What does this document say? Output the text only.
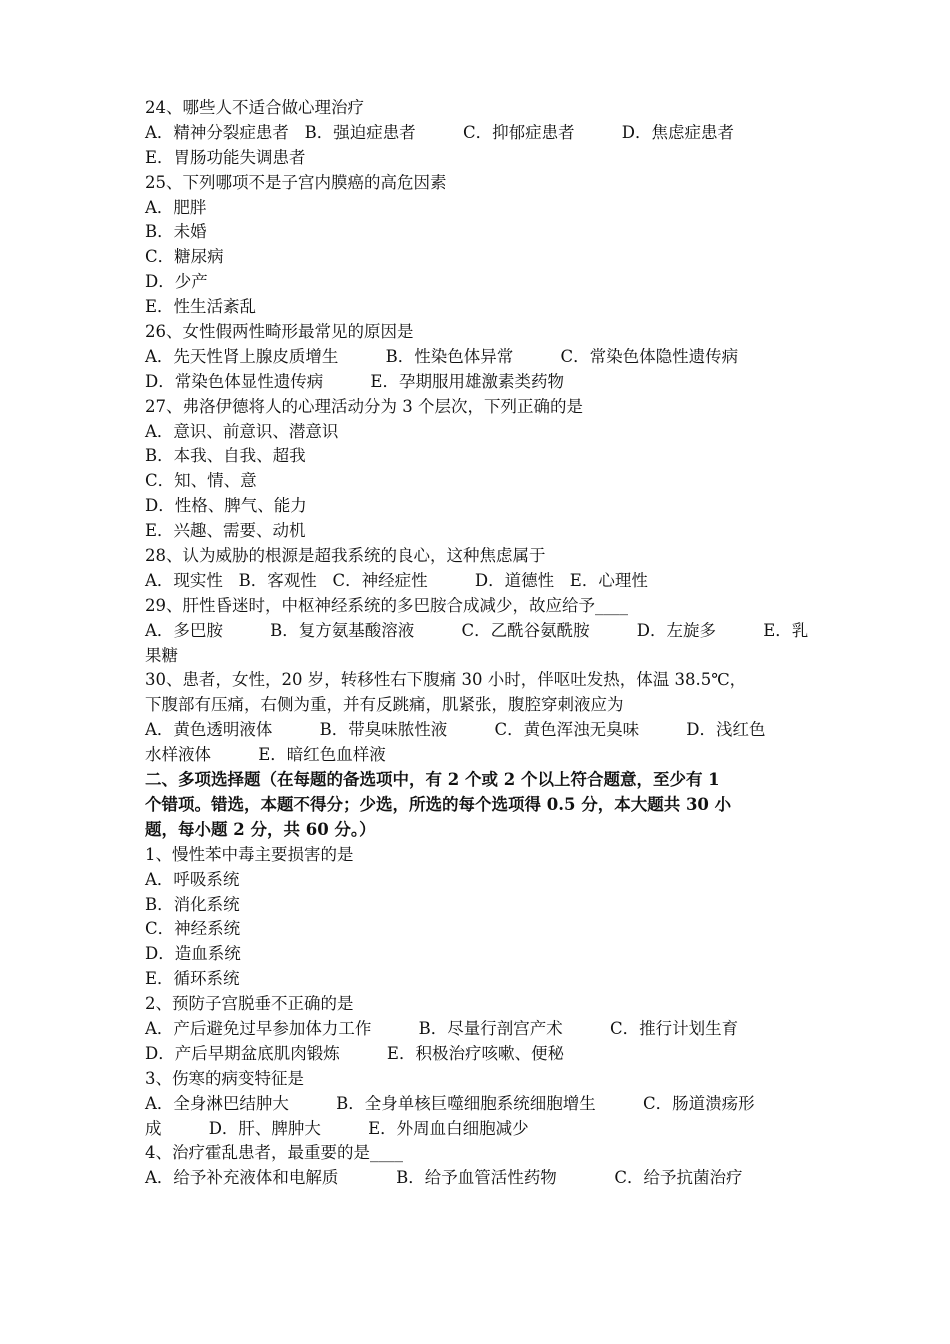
24、哪些人不适合做心理治疗
A．精神分裂症患者   B．强迫症患者         C．抑郁症患者         D．焦虑症患者
E．胃肠功能失调患者
25、下列哪项不是子宫内膜癌的高危因素
A．肥胖
B．未婚
C．糖尿病
D．少产
E．性生活紊乱
26、女性假两性畸形最常见的原因是
A．先天性肾上腺皮质增生         B．性染色体异常         C．常染色体隐性遗传病
D．常染色体显性遗传病         E．孕期服用雄激素类药物
27、弗洛伊德将人的心理活动分为 3 个层次，下列正确的是
A．意识、前意识、潜意识
B．本我、自我、超我
C．知、情、意
D．性格、脾气、能力
E．兴趣、需要、动机
28、认为威胁的根源是超我系统的良心，这种焦虑属于
A．现实性   B．客观性   C．神经症性         D．道德性   E．心理性
29、肝性昏迷时，中枢神经系统的多巴胺合成减少，故应给予____
A．多巴胺         B．复方氨基酸溶液         C．乙酰谷氨酰胺         D．左旋多         E．乳
果糖
30、患者，女性，20 岁，转移性右下腹痛 30 小时，伴呕吐发热，体温 38.5℃，
下腹部有压痛，右侧为重，并有反跳痛，肌紧张，腹腔穿刺液应为
A．黄色透明液体         B．带臭味脓性液         C．黄色浑浊无臭味         D．浅红色
水样液体         E．暗红色血样液
二、多项选择题（在每题的备选项中，有 2 个或 2 个以上符合题意，至少有 1
个错项。错选，本题不得分；少选，所选的每个选项得 0.5 分，本大题共 30 小
题，每小题 2 分，共 60 分。）
1、慢性苯中毒主要损害的是
A．呼吸系统
B．消化系统
C．神经系统
D．造血系统
E．循环系统
2、预防子宫脱垂不正确的是
A．产后避免过早参加体力工作         B．尽量行剖宫产术         C．推行计划生育
D．产后早期盆底肌肉锻炼         E．积极治疗咳嗽、便秘
3、伤寒的病变特征是
A．全身淋巴结肿大         B．全身单核巨噬细胞系统细胞增生         C．肠道溃疡形
成         D．肝、脾肿大         E．外周血白细胞减少
4、治疗霍乱患者，最重要的是____
A．给予补充液体和电解质           B．给予血管活性药物           C．给予抗菌治疗
